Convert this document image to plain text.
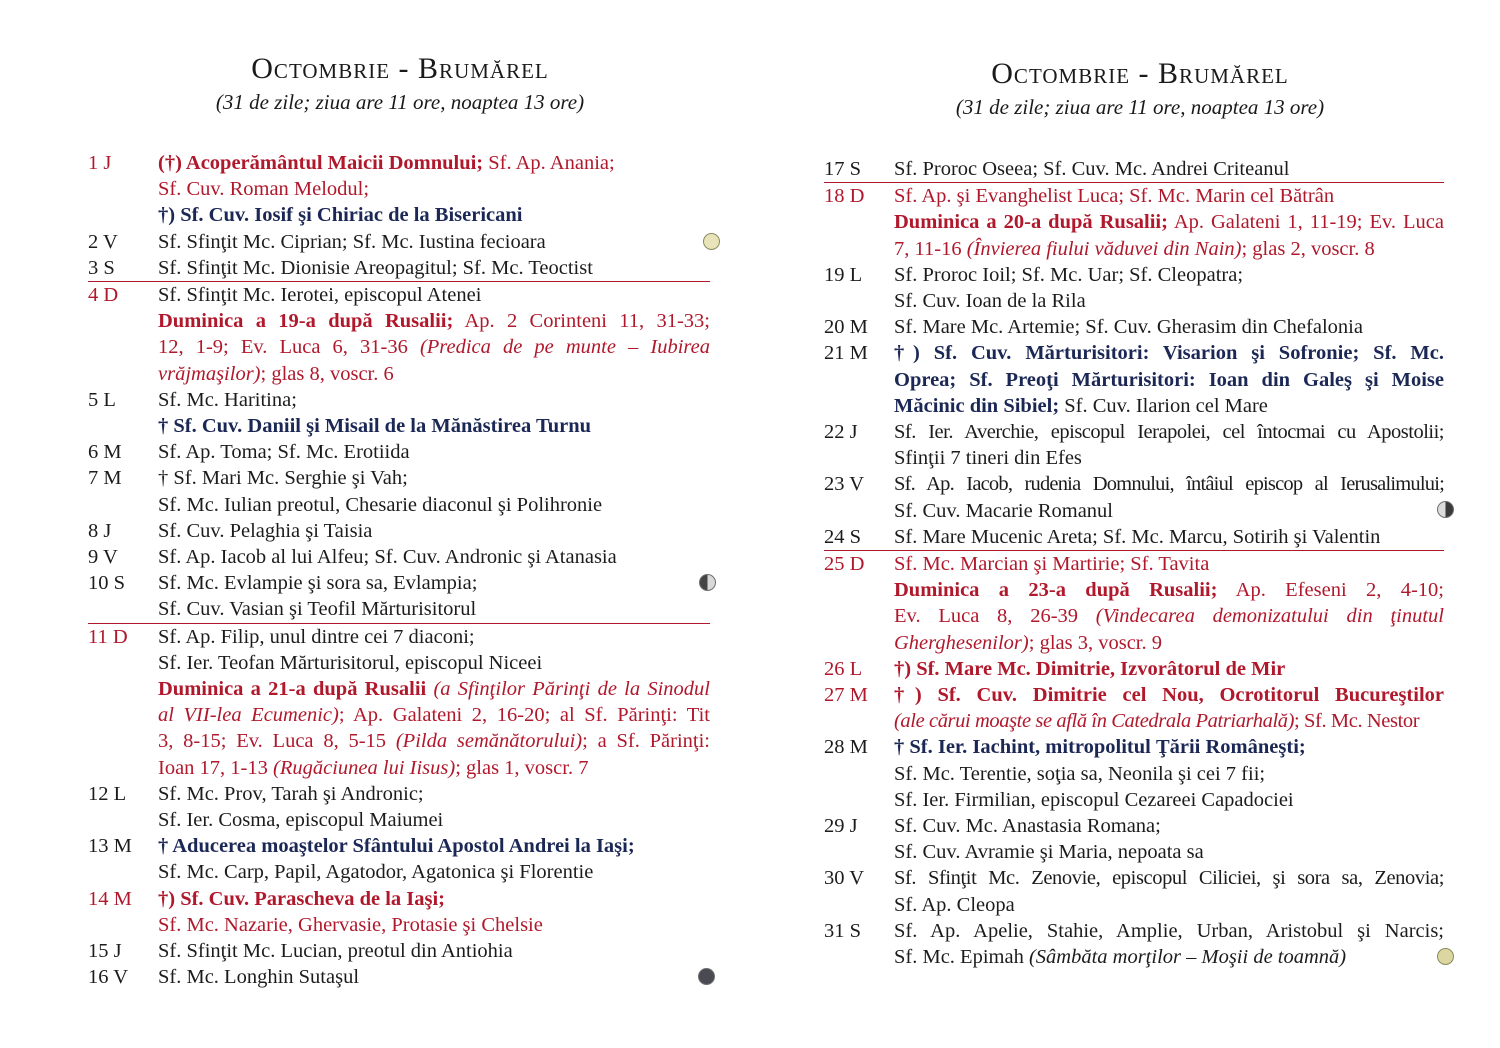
Octombrie - Brumărel
(31 de zile; ziua are 11 ore, noaptea 13 ore)
1 J	(†) Acoperământul Maicii Domnului; Sf. Ap. Anania;
Sf. Cuv. Roman Melodul;
†) Sf. Cuv. Iosif şi Chiriac de la Bisericani
2 V	Sf. Sfinţit Mc. Ciprian; Sf. Mc. Iustina fecioara
3 S	Sf. Sfinţit Mc. Dionisie Areopagitul; Sf. Mc. Teoctist
4 D	Sf. Sfinţit Mc. Ierotei, episcopul Atenei
Duminica a 19-a după Rusalii; Ap. 2 Corinteni 11, 31-33;
12, 1-9; Ev. Luca 6, 31-36 (Predica de pe munte – Iubirea
vrăjmaşilor); glas 8, voscr. 6
5 L	Sf. Mc. Haritina;
† Sf. Cuv. Daniil şi Misail de la Mănăstirea Turnu
6 M	Sf. Ap. Toma; Sf. Mc. Erotiida
7 M	† Sf. Mari Mc. Serghie şi Vah;
Sf. Mc. Iulian preotul, Chesarie diaconul şi Polihronie
8 J	Sf. Cuv. Pelaghia şi Taisia
9 V	Sf. Ap. Iacob al lui Alfeu; Sf. Cuv. Andronic şi Atanasia
10 S	Sf. Mc. Evlampie şi sora sa, Evlampia;
Sf. Cuv. Vasian şi Teofil Mărturisitorul
11 D	Sf. Ap. Filip, unul dintre cei 7 diaconi;
Sf. Ier. Teofan Mărturisitorul, episcopul Niceei
Duminica a 21-a după Rusalii (a Sfinţilor Părinţi de la Sinodul
al VII-lea Ecumenic); Ap. Galateni 2, 16-20; al Sf. Părinţi: Tit
3, 8-15; Ev. Luca 8, 5-15 (Pilda semănătorului); a Sf. Părinţi:
Ioan 17, 1-13 (Rugăciunea lui Iisus); glas 1, voscr. 7
12 L	Sf. Mc. Prov, Tarah şi Andronic;
Sf. Ier. Cosma, episcopul Maiumei
13 M	† Aducerea moaştelor Sfântului Apostol Andrei la Iaşi;
Sf. Mc. Carp, Papil, Agatodor, Agatonica şi Florentie
14 M	†) Sf. Cuv. Parascheva de la Iaşi;
Sf. Mc. Nazarie, Ghervasie, Protasie şi Chelsie
15 J	Sf. Sfinţit Mc. Lucian, preotul din Antiohia
16 V	Sf. Mc. Longhin Sutaşul
Octombrie - Brumărel
(31 de zile; ziua are 11 ore, noaptea 13 ore)
17 S	Sf. Proroc Oseea; Sf. Cuv. Mc. Andrei Criteanul
18 D	Sf. Ap. şi Evanghelist Luca; Sf. Mc. Marin cel Bătrân
Duminica a 20-a după Rusalii; Ap. Galateni 1, 11-19; Ev. Luca
7, 11-16 (Învierea fiului văduvei din Nain); glas 2, voscr. 8
19 L	Sf. Proroc Ioil; Sf. Mc. Uar; Sf. Cleopatra;
Sf. Cuv. Ioan de la Rila
20 M	Sf. Mare Mc. Artemie; Sf. Cuv. Gherasim din Chefalonia
21 M	†) Sf. Cuv. Mărturisitori: Visarion şi Sofronie; Sf. Mc.
Oprea; Sf. Preoţi Mărturisitori: Ioan din Galeş şi Moise
Măcinic din Sibiel; Sf. Cuv. Ilarion cel Mare
22 J	Sf. Ier. Averchie, episcopul Ierapolei, cel întocmai cu Apostolii;
Sfinţii 7 tineri din Efes
23 V	Sf. Ap. Iacob, rudenia Domnului, întâiul episcop al Ierusalimului;
Sf. Cuv. Macarie Romanul
24 S	Sf. Mare Mucenic Areta; Sf. Mc. Marcu, Sotirih şi Valentin
25 D	Sf. Mc. Marcian şi Martirie; Sf. Tavita
Duminica a 23-a după Rusalii; Ap. Efeseni 2, 4-10;
Ev. Luca 8, 26-39 (Vindecarea demonizatului din ţinutul
Gherghesenilor); glas 3, voscr. 9
26 L	†) Sf. Mare Mc. Dimitrie, Izvorâtorul de Mir
27 M	†) Sf. Cuv. Dimitrie cel Nou, Ocrotitorul Bucureştilor
(ale cărui moaşte se află în Catedrala Patriarhală); Sf. Mc. Nestor
28 M	† Sf. Ier. Iachint, mitropolitul Ţării Româneşti;
Sf. Mc. Terentie, soţia sa, Neonila şi cei 7 fii;
Sf. Ier. Firmilian, episcopul Cezareei Capadociei
29 J	Sf. Cuv. Mc. Anastasia Romana;
Sf. Cuv. Avramie şi Maria, nepoata sa
30 V	Sf. Sfinţit Mc. Zenovie, episcopul Ciliciei, şi sora sa, Zenovia;
Sf. Ap. Cleopa
31 S	Sf. Ap. Apelie, Stahie, Amplie, Urban, Aristobul şi Narcis;
Sf. Mc. Epimah (Sâmbăta morţilor – Moşii de toamnă)
